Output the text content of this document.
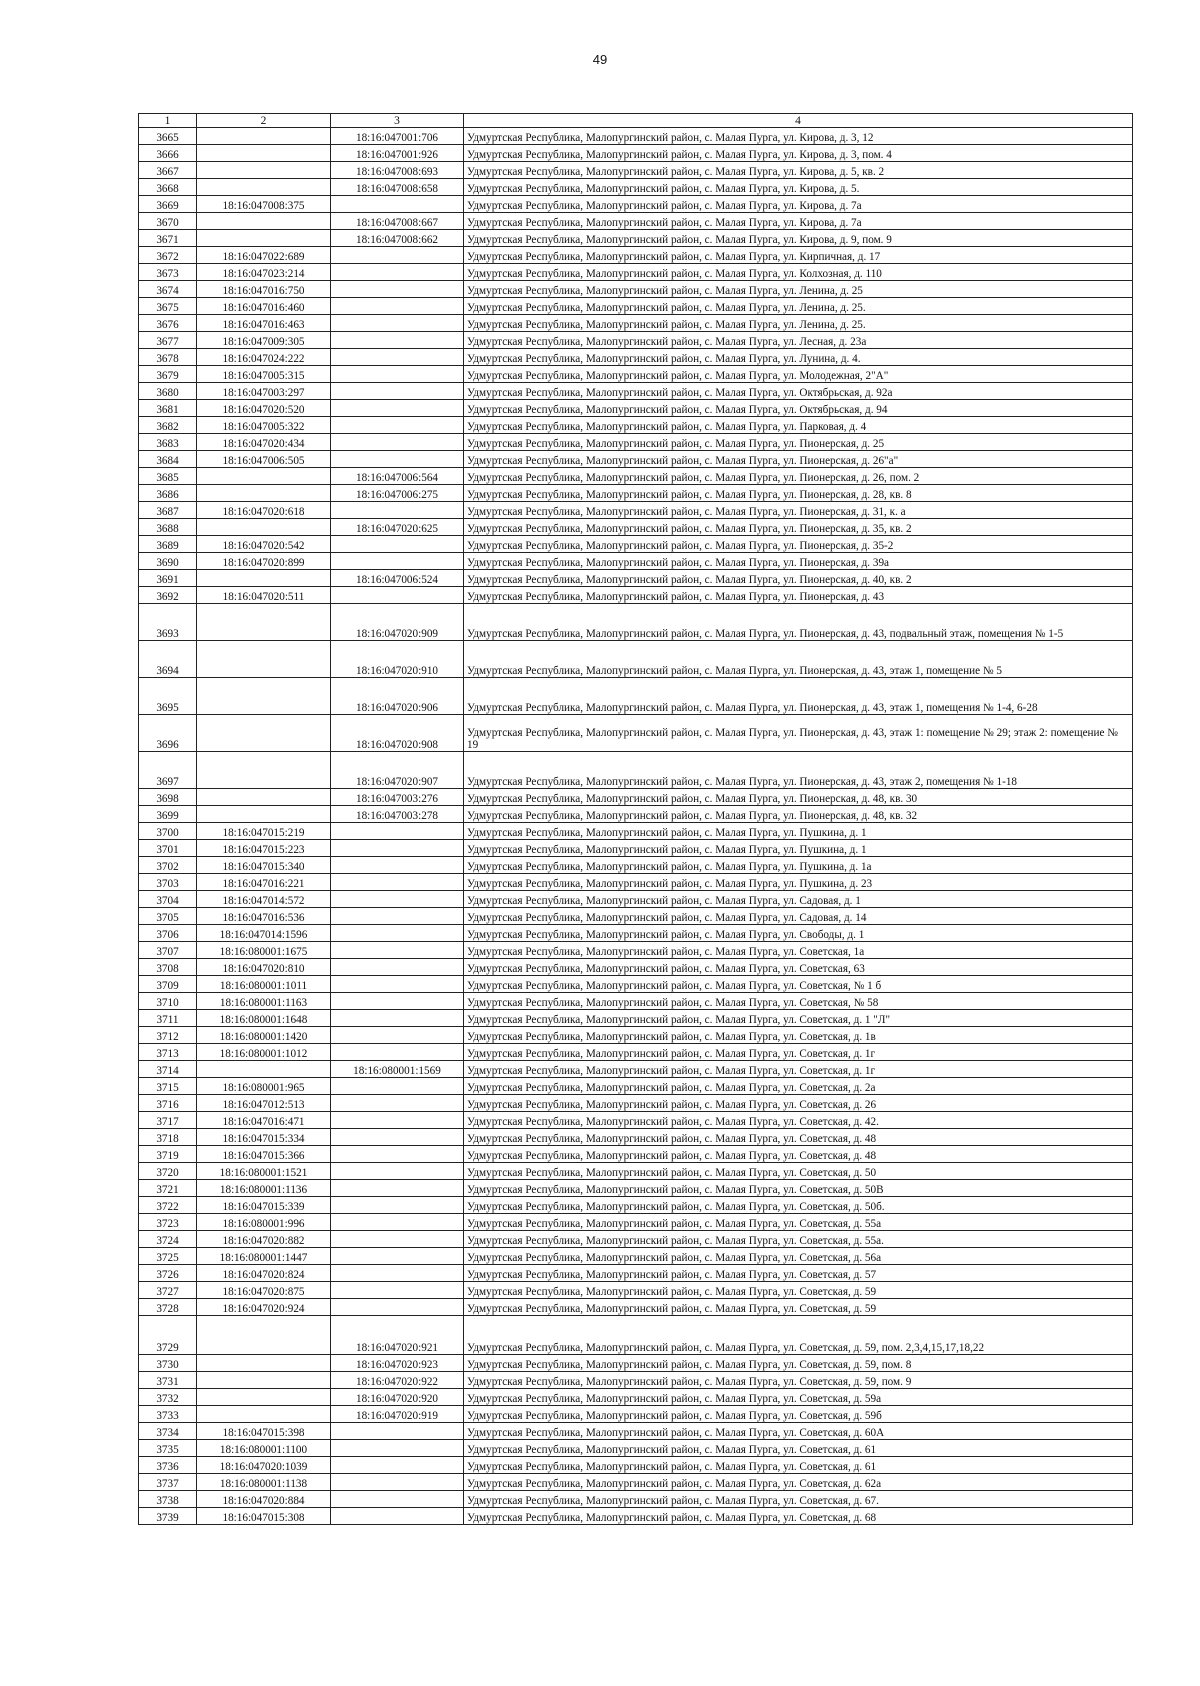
49
1	2	3	4
3665		18:16:047001:706	Удмуртская Республика, Малопургинский район, с. Малая Пурга, ул. Кирова, д. 3, 12
3666		18:16:047001:926	Удмуртская Республика, Малопургинский район, с. Малая Пурга, ул. Кирова, д. 3, пом. 4
3667		18:16:047008:693	Удмуртская Республика, Малопургинский район, с. Малая Пурга, ул. Кирова, д. 5, кв. 2
3668		18:16:047008:658	Удмуртская Республика, Малопургинский район, с. Малая Пурга, ул. Кирова, д. 5.
3669	18:16:047008:375		Удмуртская Республика, Малопургинский район, с. Малая Пурга, ул. Кирова, д. 7а
3670		18:16:047008:667	Удмуртская Республика, Малопургинский район, с. Малая Пурга, ул. Кирова, д. 7а
3671		18:16:047008:662	Удмуртская Республика, Малопургинский район, с. Малая Пурга, ул. Кирова, д. 9, пом. 9
3672	18:16:047022:689		Удмуртская Республика, Малопургинский район, с. Малая Пурга, ул. Кирпичная, д. 17
3673	18:16:047023:214		Удмуртская Республика, Малопургинский район, с. Малая Пурга, ул. Колхозная, д. 110
3674	18:16:047016:750		Удмуртская Республика, Малопургинский район, с. Малая Пурга, ул. Ленина, д. 25
3675	18:16:047016:460		Удмуртская Республика, Малопургинский район, с. Малая Пурга, ул. Ленина, д. 25.
3676	18:16:047016:463		Удмуртская Республика, Малопургинский район, с. Малая Пурга, ул. Ленина, д. 25.
3677	18:16:047009:305		Удмуртская Республика, Малопургинский район, с. Малая Пурга, ул. Лесная, д. 23а
3678	18:16:047024:222		Удмуртская Республика, Малопургинский район, с. Малая Пурга, ул. Лунина, д. 4.
3679	18:16:047005:315		Удмуртская Республика, Малопургинский район, с. Малая Пурга, ул. Молодежная, 2"А"
3680	18:16:047003:297		Удмуртская Республика, Малопургинский район, с. Малая Пурга, ул. Октябрьская, д. 92а
3681	18:16:047020:520		Удмуртская Республика, Малопургинский район, с. Малая Пурга, ул. Октябрьская, д. 94
3682	18:16:047005:322		Удмуртская Республика, Малопургинский район, с. Малая Пурга, ул. Парковая, д. 4
3683	18:16:047020:434		Удмуртская Республика, Малопургинский район, с. Малая Пурга, ул. Пионерская, д. 25
3684	18:16:047006:505		Удмуртская Республика, Малопургинский район, с. Малая Пурга, ул. Пионерская, д. 26"а"
3685		18:16:047006:564	Удмуртская Республика, Малопургинский район, с. Малая Пурга, ул. Пионерская, д. 26, пом. 2
3686		18:16:047006:275	Удмуртская Республика, Малопургинский район, с. Малая Пурга, ул. Пионерская, д. 28, кв. 8
3687	18:16:047020:618		Удмуртская Республика, Малопургинский район, с. Малая Пурга, ул. Пионерская, д. 31, к. а
3688		18:16:047020:625	Удмуртская Республика, Малопургинский район, с. Малая Пурга, ул. Пионерская, д. 35, кв. 2
3689	18:16:047020:542		Удмуртская Республика, Малопургинский район, с. Малая Пурга, ул. Пионерская, д. 35-2
3690	18:16:047020:899		Удмуртская Республика, Малопургинский район, с. Малая Пурга, ул. Пионерская, д. 39а
3691		18:16:047006:524	Удмуртская Республика, Малопургинский район, с. Малая Пурга, ул. Пионерская, д. 40, кв. 2
3692	18:16:047020:511		Удмуртская Республика, Малопургинский район, с. Малая Пурга, ул. Пионерская, д. 43
3693		18:16:047020:909	Удмуртская Республика, Малопургинский район, с. Малая Пурга, ул. Пионерская, д. 43, подвальный этаж, помещения № 1-5
3694		18:16:047020:910	Удмуртская Республика, Малопургинский район, с. Малая Пурга, ул. Пионерская, д. 43, этаж 1, помещение № 5
3695		18:16:047020:906	Удмуртская Республика, Малопургинский район, с. Малая Пурга, ул. Пионерская, д. 43, этаж 1, помещения № 1-4, 6-28
3696		18:16:047020:908	Удмуртская Республика, Малопургинский район, с. Малая Пурга, ул. Пионерская, д. 43, этаж 1: помещение № 29; этаж 2: помещение № 19
3697		18:16:047020:907	Удмуртская Республика, Малопургинский район, с. Малая Пурга, ул. Пионерская, д. 43, этаж 2, помещения № 1-18
3698		18:16:047003:276	Удмуртская Республика, Малопургинский район, с. Малая Пурга, ул. Пионерская, д. 48, кв. 30
3699		18:16:047003:278	Удмуртская Республика, Малопургинский район, с. Малая Пурга, ул. Пионерская, д. 48, кв. 32
3700	18:16:047015:219		Удмуртская Республика, Малопургинский район, с. Малая Пурга, ул. Пушкина, д. 1
3701	18:16:047015:223		Удмуртская Республика, Малопургинский район, с. Малая Пурга, ул. Пушкина, д. 1
3702	18:16:047015:340		Удмуртская Республика, Малопургинский район, с. Малая Пурга, ул. Пушкина, д. 1а
3703	18:16:047016:221		Удмуртская Республика, Малопургинский район, с. Малая Пурга, ул. Пушкина, д. 23
3704	18:16:047014:572		Удмуртская Республика, Малопургинский район, с. Малая Пурга, ул. Садовая, д. 1
3705	18:16:047016:536		Удмуртская Республика, Малопургинский район, с. Малая Пурга, ул. Садовая, д. 14
3706	18:16:047014:1596		Удмуртская Республика, Малопургинский район, с. Малая Пурга, ул. Свободы, д. 1
3707	18:16:080001:1675		Удмуртская Республика, Малопургинский район, с. Малая Пурга, ул. Советская, 1а
3708	18:16:047020:810		Удмуртская Республика, Малопургинский район, с. Малая Пурга, ул. Советская, 63
3709	18:16:080001:1011		Удмуртская Республика, Малопургинский район, с. Малая Пурга, ул. Советская, № 1 б
3710	18:16:080001:1163		Удмуртская Республика, Малопургинский район, с. Малая Пурга, ул. Советская, № 58
3711	18:16:080001:1648		Удмуртская Республика, Малопургинский район, с. Малая Пурга, ул. Советская, д. 1 "Л"
3712	18:16:080001:1420		Удмуртская Республика, Малопургинский район, с. Малая Пурга, ул. Советская, д. 1в
3713	18:16:080001:1012		Удмуртская Республика, Малопургинский район, с. Малая Пурга, ул. Советская, д. 1г
3714		18:16:080001:1569	Удмуртская Республика, Малопургинский район, с. Малая Пурга, ул. Советская, д. 1г
3715	18:16:080001:965		Удмуртская Республика, Малопургинский район, с. Малая Пурга, ул. Советская, д. 2а
3716	18:16:047012:513		Удмуртская Республика, Малопургинский район, с. Малая Пурга, ул. Советская, д. 26
3717	18:16:047016:471		Удмуртская Республика, Малопургинский район, с. Малая Пурга, ул. Советская, д. 42.
3718	18:16:047015:334		Удмуртская Республика, Малопургинский район, с. Малая Пурга, ул. Советская, д. 48
3719	18:16:047015:366		Удмуртская Республика, Малопургинский район, с. Малая Пурга, ул. Советская, д. 48
3720	18:16:080001:1521		Удмуртская Республика, Малопургинский район, с. Малая Пурга, ул. Советская, д. 50
3721	18:16:080001:1136		Удмуртская Республика, Малопургинский район, с. Малая Пурга, ул. Советская, д. 50В
3722	18:16:047015:339		Удмуртская Республика, Малопургинский район, с. Малая Пурга, ул. Советская, д. 50б.
3723	18:16:080001:996		Удмуртская Республика, Малопургинский район, с. Малая Пурга, ул. Советская, д. 55а
3724	18:16:047020:882		Удмуртская Республика, Малопургинский район, с. Малая Пурга, ул. Советская, д. 55а.
3725	18:16:080001:1447		Удмуртская Республика, Малопургинский район, с. Малая Пурга, ул. Советская, д. 56а
3726	18:16:047020:824		Удмуртская Республика, Малопургинский район, с. Малая Пурга, ул. Советская, д. 57
3727	18:16:047020:875		Удмуртская Республика, Малопургинский район, с. Малая Пурга, ул. Советская, д. 59
3728	18:16:047020:924		Удмуртская Республика, Малопургинский район, с. Малая Пурга, ул. Советская, д. 59
3729		18:16:047020:921	Удмуртская Республика, Малопургинский район, с. Малая Пурга, ул. Советская, д. 59, пом. 2,3,4,15,17,18,22
3730		18:16:047020:923	Удмуртская Республика, Малопургинский район, с. Малая Пурга, ул. Советская, д. 59, пом. 8
3731		18:16:047020:922	Удмуртская Республика, Малопургинский район, с. Малая Пурга, ул. Советская, д. 59, пом. 9
3732		18:16:047020:920	Удмуртская Республика, Малопургинский район, с. Малая Пурга, ул. Советская, д. 59а
3733		18:16:047020:919	Удмуртская Республика, Малопургинский район, с. Малая Пурга, ул. Советская, д. 59б
3734	18:16:047015:398		Удмуртская Республика, Малопургинский район, с. Малая Пурга, ул. Советская, д. 60А
3735	18:16:080001:1100		Удмуртская Республика, Малопургинский район, с. Малая Пурга, ул. Советская, д. 61
3736	18:16:047020:1039		Удмуртская Республика, Малопургинский район, с. Малая Пурга, ул. Советская, д. 61
3737	18:16:080001:1138		Удмуртская Республика, Малопургинский район, с. Малая Пурга, ул. Советская, д. 62а
3738	18:16:047020:884		Удмуртская Республика, Малопургинский район, с. Малая Пурга, ул. Советская, д. 67.
3739	18:16:047015:308		Удмуртская Республика, Малопургинский район, с. Малая Пурга, ул. Советская, д. 68
